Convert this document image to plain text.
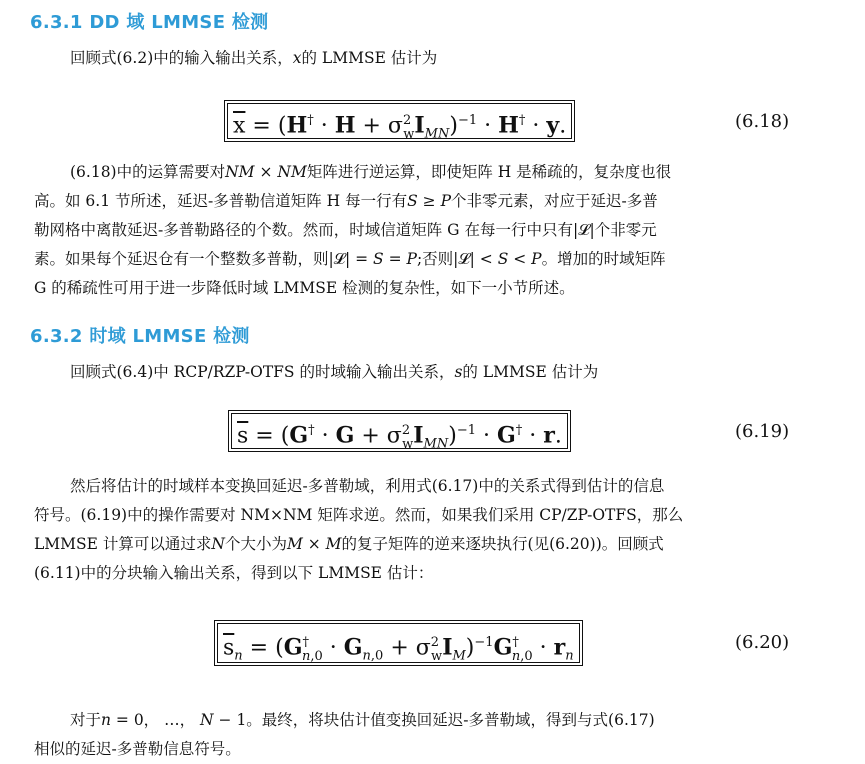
6.3.1 DD 域 LMMSE 检测

回顾式(6.2)中的输入输出关系，𝑥的 LMMSE 估计为

$\overline{x} = (H^\dagger \cdot H + \sigma^2_wI_{MN})^{-1} \cdot H^\dagger \cdot y$.	(6.18)

(6.18)中的运算需要对𝑁𝑀 × 𝑁𝑀矩阵进行逆运算，即使矩阵 H 是稀疏的，复杂度也很
高。如 6.1 节所述，延迟-多普勒信道矩阵 H 每一行有𝑆 ≥ 𝑃个非零元素，对应于延迟-多普
勒网格中离散延迟-多普勒路径的个数。然而，时域信道矩阵 G 在每一行中只有|𝓛|个非零元
素。如果每个延迟仓有一个整数多普勒，则|𝓛| = 𝑆 = 𝑃;否则|𝓛| < 𝑆 < 𝑃。增加的时域矩阵
G 的稀疏性可用于进一步降低时域 LMMSE 检测的复杂性，如下一小节所述。

6.3.2 时域 LMMSE 检测

回顾式(6.4)中 RCP/RZP-OTFS 的时域输入输出关系，𝑠的 LMMSE 估计为

$\overline{s} = (G^\dagger \cdot G + \sigma^2_wI_{MN})^{-1} \cdot G^\dagger \cdot r$.	(6.19)

然后将估计的时域样本变换回延迟-多普勒域，利用式(6.17)中的关系式得到估计的信息
符号。(6.19)中的操作需要对 NM×NM 矩阵求逆。然而，如果我们采用 CP/ZP-OTFS，那么
LMMSE 计算可以通过求𝑁个大小为𝑀 × 𝑀的复子矩阵的逆来逐块执行(见(6.20))。回顾式
(6.11)中的分块输入输出关系，得到以下 LMMSE 估计：

$\overline{s}_n = (G^\dagger_{n,0} \cdot G_{n,0} + \sigma^2_wI_M)^{-1}G^\dagger_{n,0} \cdot r_n$
(6.20)

对于𝑛 = 0， …， 𝑁 − 1。最终，将块估计值变换回延迟-多普勒域，得到与式(6.17)
相似的延迟-多普勒信息符号。
